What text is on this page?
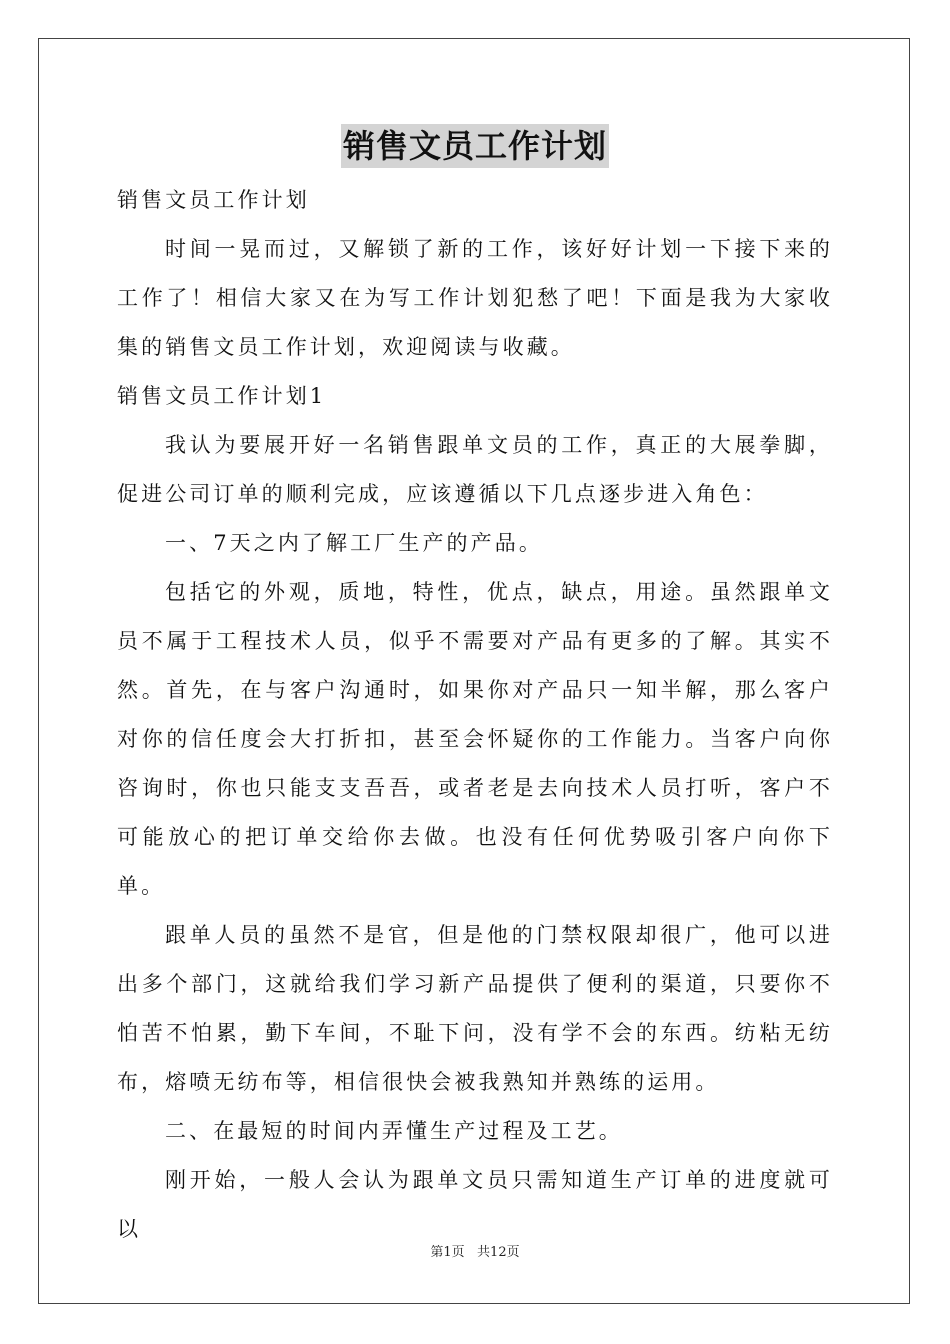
销售文员工作计划

销售文员工作计划

时间一晃而过，又解锁了新的工作，该好好计划一下接下来的工作了！相信大家又在为写工作计划犯愁了吧！下面是我为大家收集的销售文员工作计划，欢迎阅读与收藏。

销售文员工作计划1

我认为要展开好一名销售跟单文员的工作，真正的大展拳脚，促进公司订单的顺利完成，应该遵循以下几点逐步进入角色：

一、7天之内了解工厂生产的产品。

包括它的外观，质地，特性，优点，缺点，用途。虽然跟单文员不属于工程技术人员，似乎不需要对产品有更多的了解。其实不然。首先，在与客户沟通时，如果你对产品只一知半解，那么客户对你的信任度会大打折扣，甚至会怀疑你的工作能力。当客户向你咨询时，你也只能支支吾吾，或者老是去向技术人员打听，客户不可能放心的把订单交给你去做。也没有任何优势吸引客户向你下单。

跟单人员的虽然不是官，但是他的门禁权限却很广，他可以进出多个部门，这就给我们学习新产品提供了便利的渠道，只要你不怕苦不怕累，勤下车间，不耻下问，没有学不会的东西。纺粘无纺布，熔喷无纺布等，相信很快会被我熟知并熟练的运用。

二、在最短的时间内弄懂生产过程及工艺。

刚开始，一般人会认为跟单文员只需知道生产订单的进度就可以

第1页   共12页
